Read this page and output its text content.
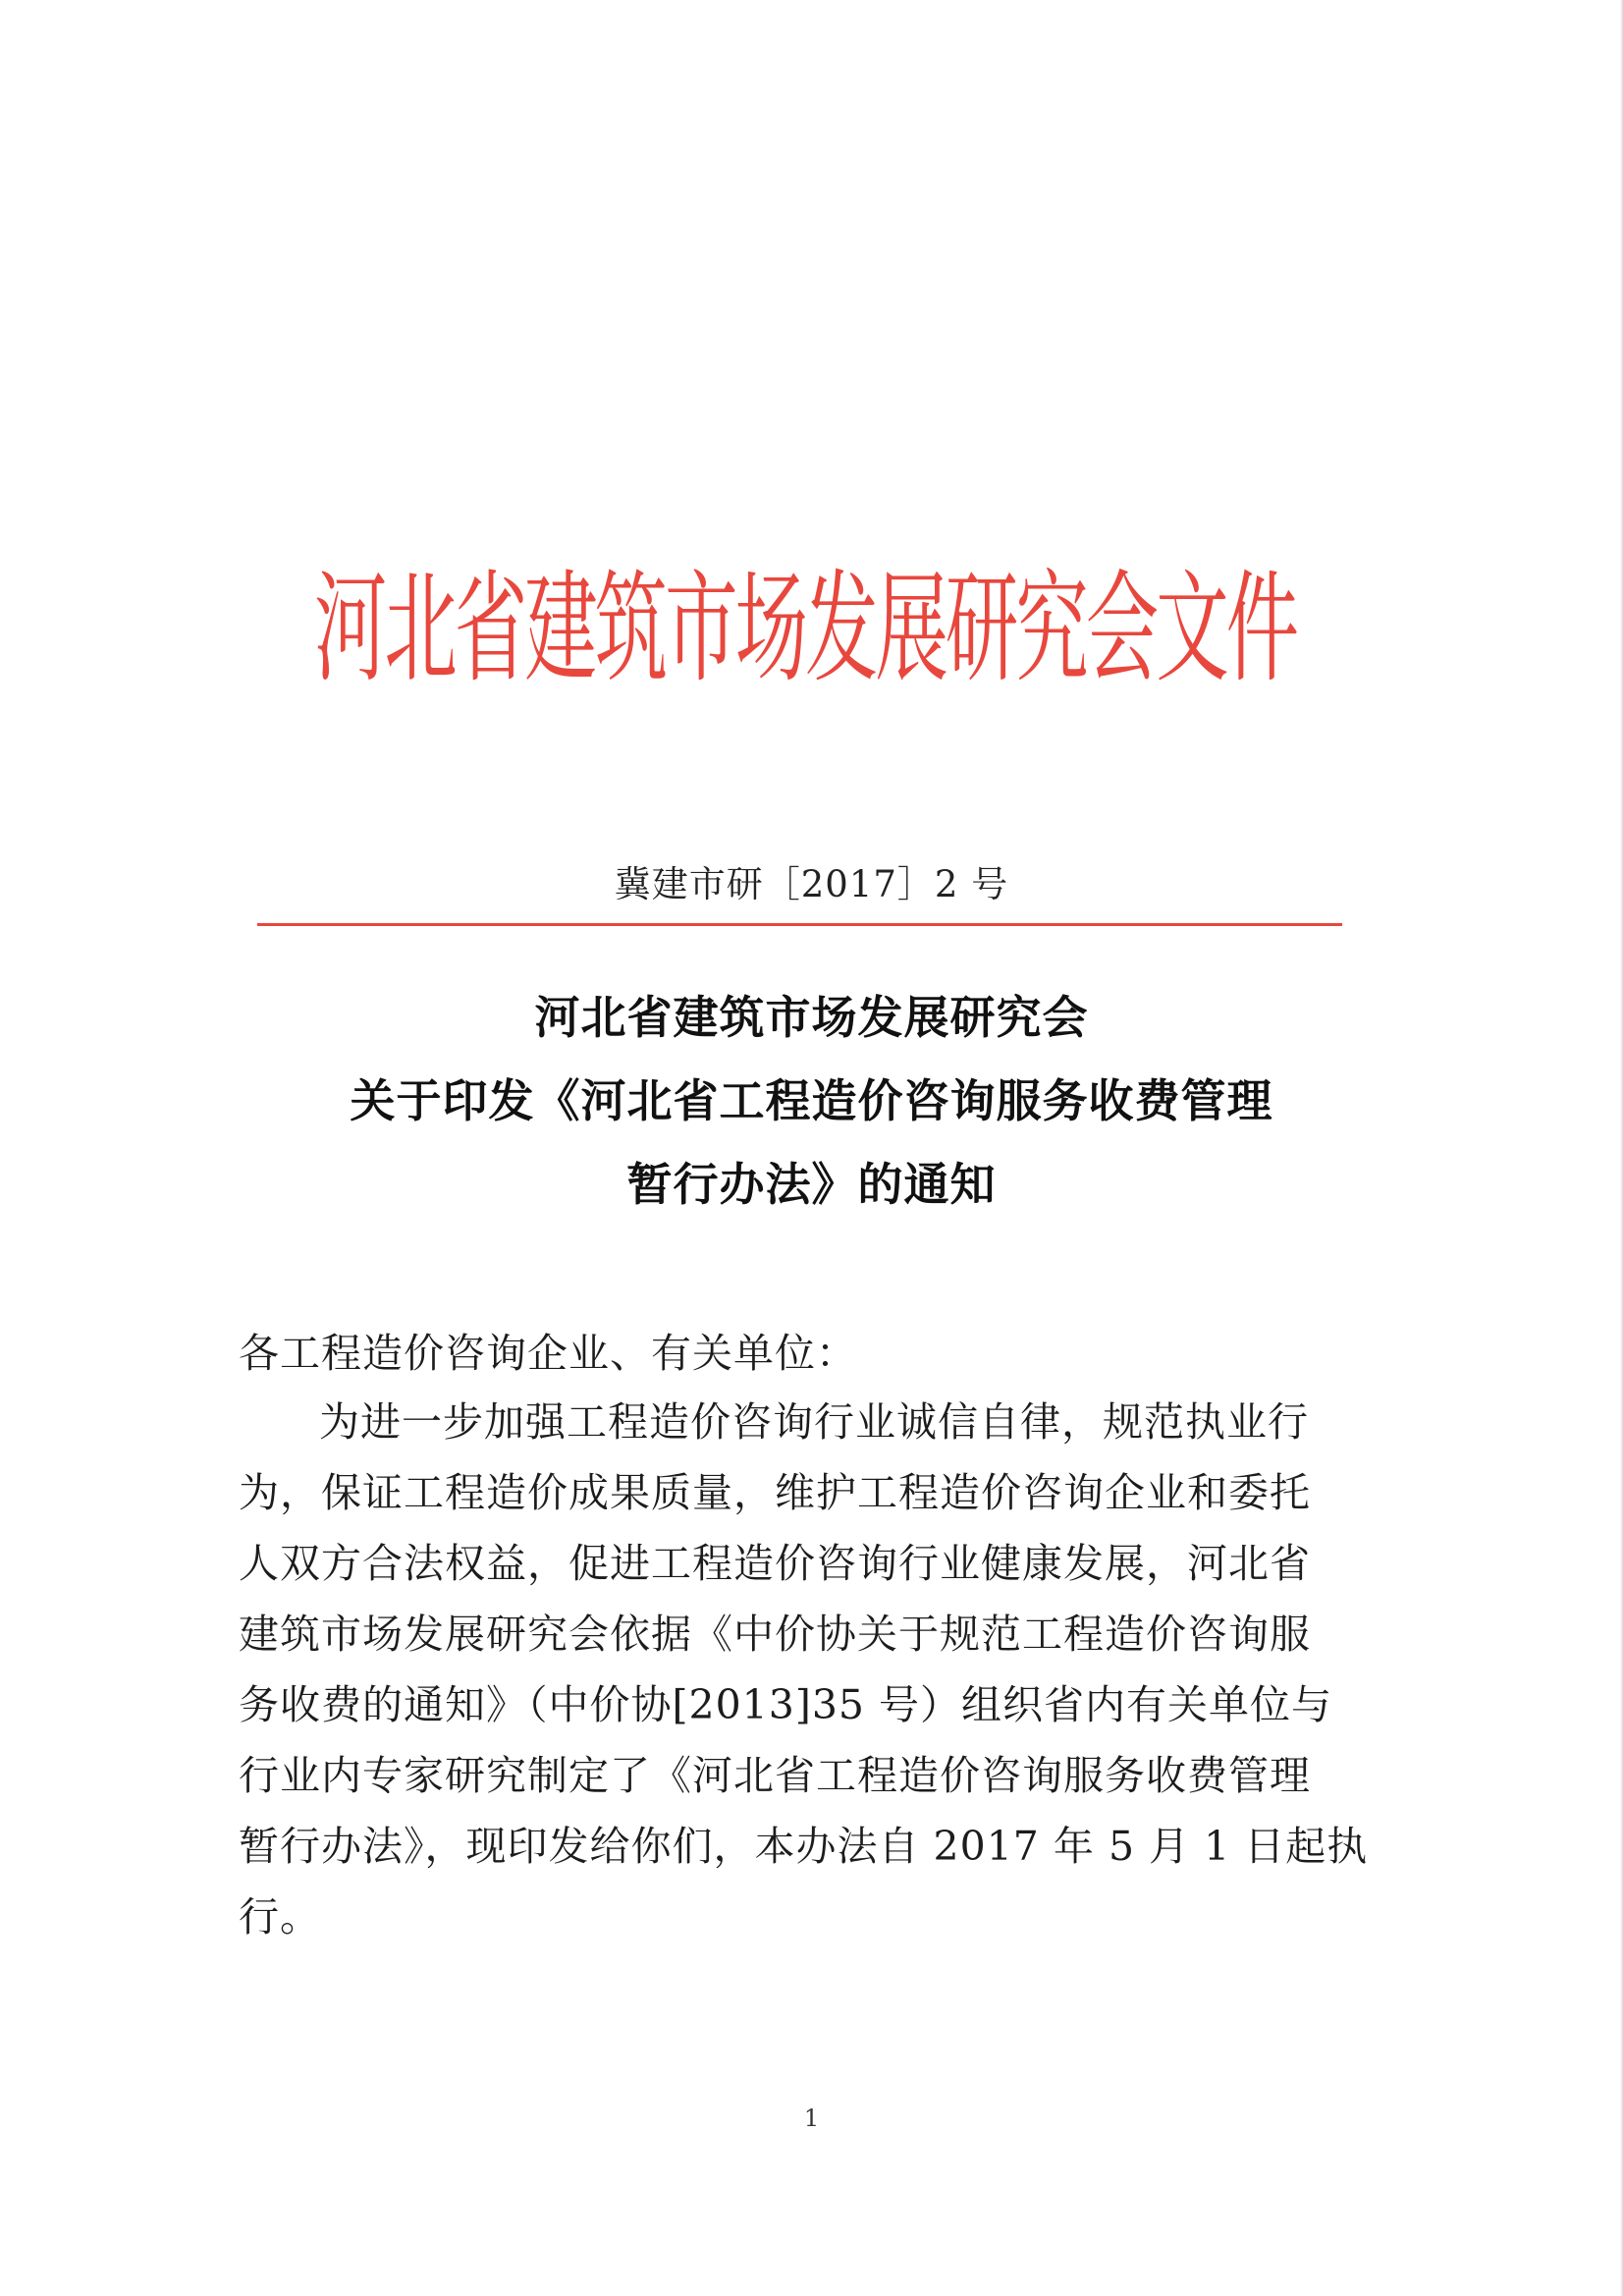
河北省建筑市场发展研究会文件
冀建市研［2017］2 号
河北省建筑市场发展研究会
关于印发《河北省工程造价咨询服务收费管理
暂行办法》的通知
各工程造价咨询企业、有关单位：
为进一步加强工程造价咨询行业诚信自律，规范执业行
为，保证工程造价成果质量，维护工程造价咨询企业和委托
人双方合法权益，促进工程造价咨询行业健康发展，河北省
建筑市场发展研究会依据《中价协关于规范工程造价咨询服
务收费的通知》（中价协[2013]35 号）组织省内有关单位与
行业内专家研究制定了《河北省工程造价咨询服务收费管理
暂行办法》，现印发给你们，本办法自 2017 年 5 月 1 日起执
行。
1
